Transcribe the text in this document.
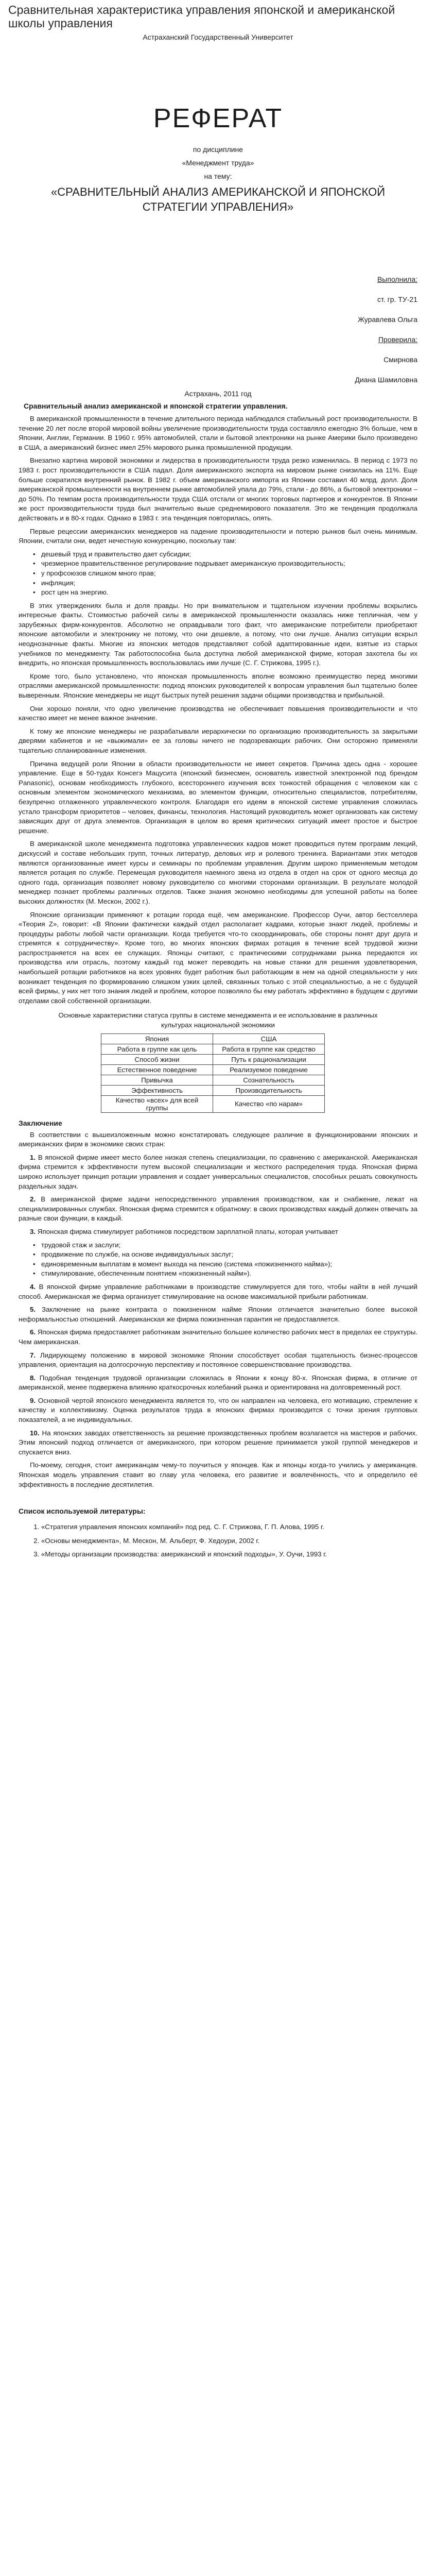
Сравнительная характеристика управления японской и американской школы управления
Астраханский Государственный Университет
РЕФЕРАТ
по дисциплине
«Менеджмент труда»
на тему:
«СРАВНИТЕЛЬНЫЙ АНАЛИЗ АМЕРИКАНСКОЙ И ЯПОНСКОЙ СТРАТЕГИИ УПРАВЛЕНИЯ»
Выполнила:
ст. гр. ТУ-21
Журавлева Ольга
Проверила:
Смирнова
Диана Шамиловна
Астрахань, 2011 год
Сравнительный анализ американской и японской стратегии управления.

В американской промышленности в течение длительного периода наблюдался стабильный рост производительности. В течение 20 лет после второй мировой войны увеличение производительности труда составляло ежегодно 3% больше, чем в Японии, Англии, Германии. В 1960 г. 95% автомобилей, стали и бытовой электроники на рынке Америки было произведено в США, а американский бизнес имел 25% мирового рынка промышленной продукции.

Внезапно картина мировой экономики и лидерства в производительности труда резко изменилась. В период с 1973 по 1983 г. рост производительности в США падал. Доля американского экспорта на мировом рынке снизилась на 11%. Еще больше сократился внутренний рынок. В 1982 г. объем американского импорта из Японии составил 40 млрд. долл. Доля американской промышленности на внутреннем рынке автомобилей упала до 79%, стали - до 86%, а бытовой электроники – до 50%. По темпам роста производительности труда США отстали от многих торговых партнеров и конкурентов. В Японии же рост производительности труда был значительно выше среднемирового показателя. Это же тенденция продолжала действовать и в 80-х годах. Однако в 1983 г. эта тенденция повторилась, опять.

Первые рецессии американских менеджеров на падение производительности и потерю рынков был очень минимым. Японии, считали они, ведет нечестную конкуренцию, поскольку там:

• дешевый труд и правительство дает субсидии;
• чрезмерное правительственное регулирование подрывает американскую производительность;
• у профсоюзов слишком много прав;
• инфляция;
• рост цен на энергию.

В этих утверждениях была и доля правды. Но при внимательном и тщательном изучении проблемы вскрылись интересные факты. Стоимостью рабочей силы в американской промышленности оказалась ниже тепличная, чем у зарубежных фирм-конкурентов. Абсолютно не оправдывали того факт, что американские потребители приобретают японские автомобили и электронику не потому, что они дешевле, а потому, что они лучше. Анализ ситуации вскрыл неоднозначные факты. Многие из японских методов представляют собой адаптированные идеи, взятые из старых учебников по менеджменту. Так работоспособна была доступна любой американской фирме, которая захотела бы их внедрить, но японская промышленность воспользовалась ими лучше (С. Г. Стрижова, 1995 г.).

Кроме того, было установлено, что японская промышленность вполне возможно преимущество перед многими отраслями американской промышленности: подход японских руководителей к вопросам управления был тщательно более выверенным. Японские менеджеры не ищут быстрых путей решения задачи общими производства и прибыльной.

Они хорошо поняли, что одно увеличение производства не обеспечивает повышения производительности и что качество имеет не менее важное значение.

К тому же японские менеджеры не разрабатывали иерархически по организацию производительность за закрытыми дверями кабинетов и не «выжимали» ее за головы ничего не подозревающих рабочих. Они осторожно применяли тщательно спланированные изменения.

Причина ведущей роли Японии в области производительности не имеет секретов. Причина здесь одна - хорошее управление. Еще в 50-тудах Консегэ Мацусита (японский бизнесмен, основатель известной электронной под брендом Panasonic), основам необходимость глубокого, всестороннего изучения всех тонкостей обращения с человеком как с основным элементом экономического механизма, во элементом функции, относительно специалистов, потребителям, безупречно отлаженного управленческого контроля. Благодаря его идеям в японской системе управления сложилась устало трансформ приоритетов – человек, финансы, технология. Настоящий руководитель может организовать как систему зависящих друг от друга элементов. Организация в целом во время критических ситуаций имеет простое и быстрое решение.

В американской школе менеджмента подготовка управленческих кадров может проводиться путем программ лекций, дискуссий и составе небольших групп, точных литератур, деловых игр и ролевого тренинга. Вариантами этих методов являются организованные имеет курсы и семинары по проблемам управления. Другим широко применяемым методом является ротация по службе. Перемещая руководителя наемного звена из отдела в отдел на срок от одного месяца до одного года, организация позволяет новому руководителю со многими сторонами организации. В результате молодой менеджер познает проблемы различных отделов. Также знания экономно необходимы для успешной работы на более высоких должностях (М. Мескон, 2002 г.).

Японские организации применяют к ротации города ещё, чем американские. Профессор Оучи, автор бестселлера «Теория Z», говорит: «В Японии фактически каждый отдел располагает кадрами, которые знают людей, проблемы и процедуры работы любой части организации. Когда требуется что-то скоординировать, обе стороны понят друг друга и стремятся к сотрудничеству». Кроме того, во многих японских фирмах ротация в течение всей трудовой жизни распространяется на всех ее служащих. Японцы считают, с практическими сотрудниками рынка передаются их производства или отрасль, поэтому каждый год может переводить на новые станки для решения удовлетворения, наибольшей ротации работников на всех уровнях будет работник был работающим в нем на одной специальности у них возникает тенденция по формированию слишком узких целей, связанных только с этой специальностью, а не с будущей всей фирмы, у них нет того знания людей и проблем, которое позволяло бы ему работать эффективно в будущем с другими отделами свой собственной организации.

Основные характеристики статуса группы в системе менеджмента и ее использование в различных культурах национальной экономики
Япония	США
Работа в группе как цель	Работа в группе как средство
Способ жизни	Путь к рационализации
Естественное поведение	Реализуемое поведение
Привычка	Сознательность
Эффективность	Производительность
Качество «всех» для всей группы	Качество «по нарам»
Заключение

В соответствии с вышеизложенным можно констатировать следующее различие в функционировании японских и американских фирм в экономике своих стран:

1. В японской фирме имеет место более низкая степень специализации, по сравнению с американской. Американская фирма стремится к эффективности путем высокой специализации и жесткого распределения труда. Японская фирма широко использует принцип ротации управления и создает универсальных специалистов, способных решать совокупность раздельных задач.

2. В американской фирме задачи непосредственного управления производством, как и снабжение, лежат на специализированных службах. Японская фирма стремится к обратному: в своих производствах каждый должен отвечать за разные свои функции, в каждый.

3. Японская фирма стимулирует работников посредством зарплатной платы, которая учитывает

• трудовой стаж и заслуги;
• продвижение по службе, на основе индивидуальных заслуг;
• единовременным выплатам в момент выхода на пенсию (система «пожизненного найма»);
• стимулирование, обеспеченным понятием «пожизненный найм»).

4. В японской фирме управление работниками в производстве стимулируется для того, чтобы найти в ней лучший способ. Американская же фирма организует стимулирование на основе максимальной прибыли работникам.

5. Заключение на рынке контракта о пожизненном найме Японии отличается значительно более высокой неформальностью отношений. Американская же фирма пожизненная гарантия не предоставляется.

6. Японская фирма предоставляет работникам значительно большее количество рабочих мест в пределах ее структуры. Чем американская.

7. Лидирующему положению в мировой экономике Японии способствует особая тщательность бизнес-процессов управления, ориентация на долгосрочную перспективу и постоянное совершенствование производства.

8. Подобная тенденция трудовой организации сложилась в Японии к концу 80-х. Японская фирма, в отличие от американской, менее подвержена влиянию краткосрочных колебаний рынка и ориентирована на долговременный рост.

9. Основной чертой японского менеджмента является то, что он направлен на человека, его мотивацию, стремление к качеству и коллективизму. Оценка результатов труда в японских фирмах производится с точки зрения групповых показателей, а не индивидуальных.

10. На японских заводах ответственность за решение производственных проблем возлагается на мастеров и рабочих. Этим японский подход отличается от американского, при котором решение принимается узкой группой менеджеров и спускается вниз.

По-моему, сегодня, стоит американцам чему-то поучиться у японцев. Как и японцы когда-то учились у американцев. Японская модель управления ставит во главу угла человека, его развитие и вовлечённость, что и определило её эффективность в последние десятилетия.

Список используемой литературы:
1. «Стратегия управления японских компаний» под ред. С. Г. Стрижова, Г. П. Алова, 1995 г.
2. «Основы менеджмента», М. Мескон, М. Альберт, Ф. Хедоури, 2002 г.
3. «Методы организации производства: американский и японский подходы», У. Оучи, 1993 г.
